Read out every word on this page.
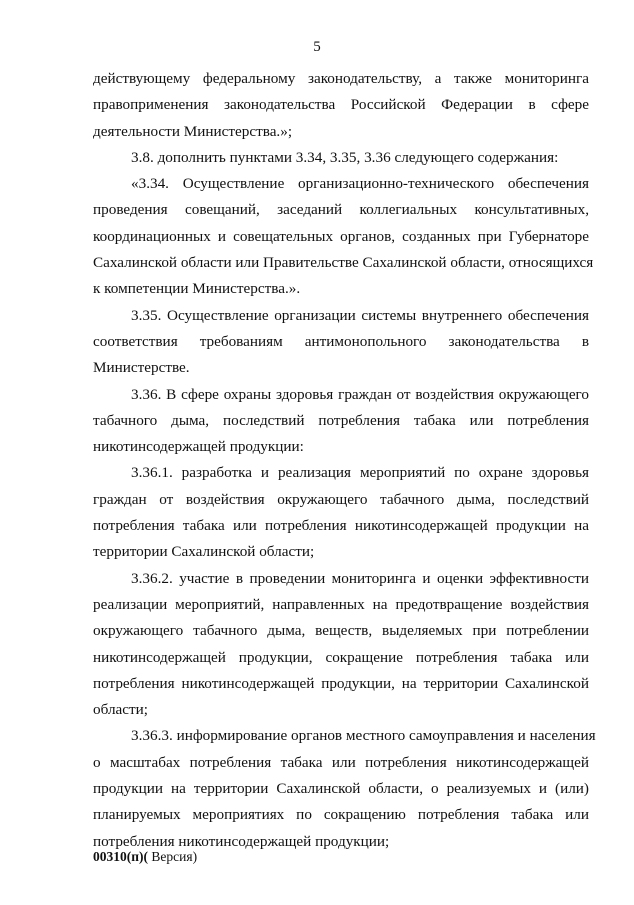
5
действующему федеральному законодательству, а также мониторинга
правоприменения законодательства Российской Федерации в сфере
деятельности Министерства.»;
3.8. дополнить пунктами 3.34, 3.35, 3.36 следующего содержания:
«3.34. Осуществление организационно-технического обеспечения
проведения совещаний, заседаний коллегиальных консультативных,
координационных и совещательных органов, созданных при Губернаторе
Сахалинской области или Правительстве Сахалинской области, относящихся
к компетенции Министерства.».
3.35. Осуществление организации системы внутреннего обеспечения
соответствия требованиям антимонопольного законодательства в
Министерстве.
3.36. В сфере охраны здоровья граждан от воздействия окружающего
табачного дыма, последствий потребления табака или потребления
никотинсодержащей продукции:
3.36.1. разработка и реализация мероприятий по охране здоровья
граждан от воздействия окружающего табачного дыма, последствий
потребления табака или потребления никотинсодержащей продукции на
территории Сахалинской области;
3.36.2. участие в проведении мониторинга и оценки эффективности
реализации мероприятий, направленных на предотвращение воздействия
окружающего табачного дыма, веществ, выделяемых при потреблении
никотинсодержащей продукции, сокращение потребления табака или
потребления никотинсодержащей продукции, на территории Сахалинской
области;
3.36.3. информирование органов местного самоуправления и населения
о масштабах потребления табака или потребления никотинсодержащей
продукции на территории Сахалинской области, о реализуемых и (или)
планируемых мероприятиях по сокращению потребления табака или
потребления никотинсодержащей продукции;
00310(п)( Версия)
